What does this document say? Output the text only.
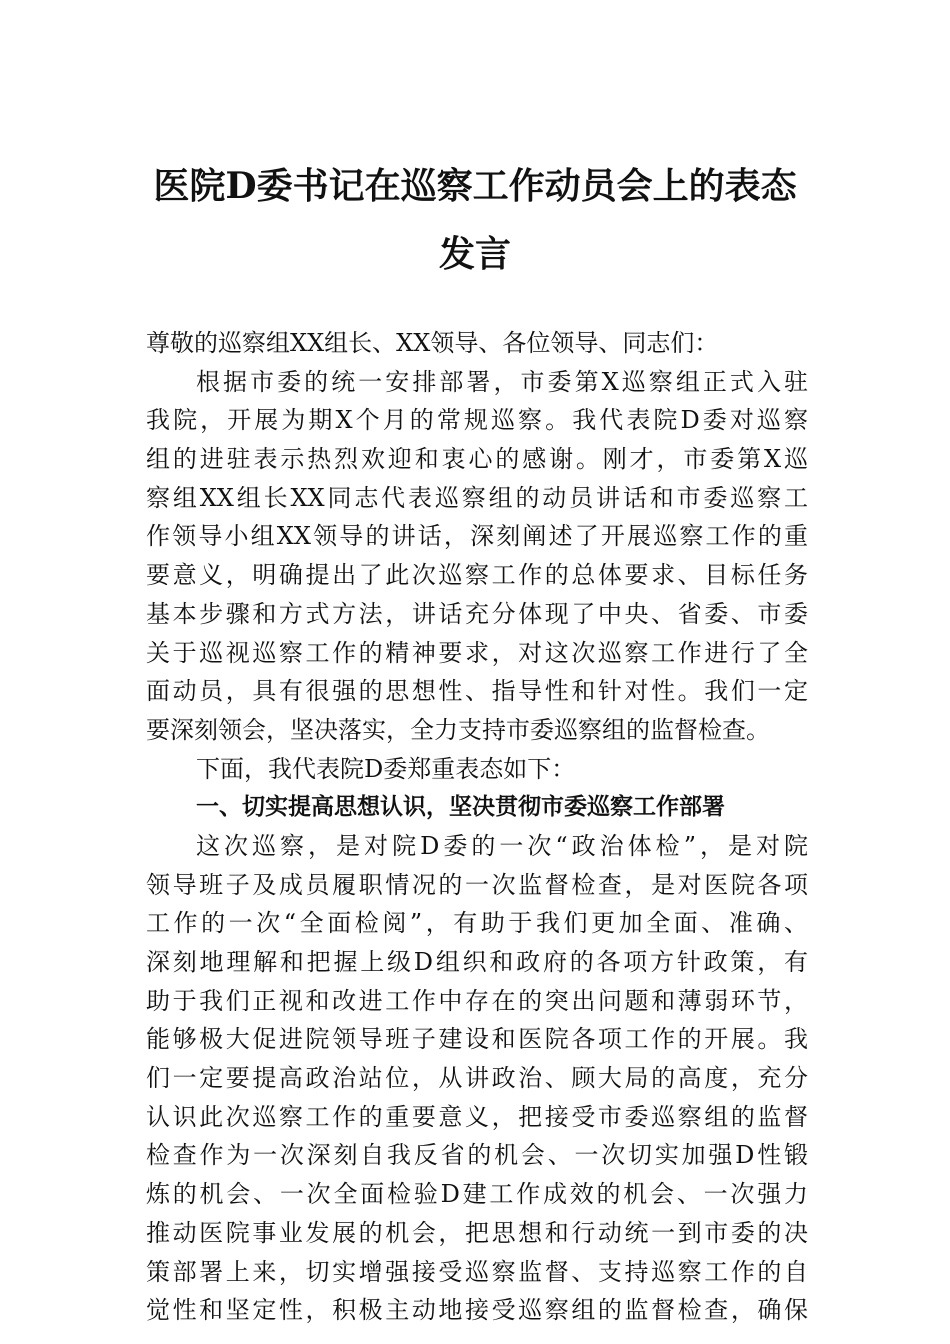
医院D委书记在巡察工作动员会上的表态
发言
尊敬的巡察组XX组长、XX领导、各位领导、同志们：
根据市委的统一安排部署，市委第X巡察组正式入驻
我院，开展为期X个月的常规巡察。我代表院D委对巡察
组的进驻表示热烈欢迎和衷心的感谢。刚才，市委第X巡
察组XX组长XX同志代表巡察组的动员讲话和市委巡察工
作领导小组XX领导的讲话，深刻阐述了开展巡察工作的重
要意义，明确提出了此次巡察工作的总体要求、目标任务
基本步骤和方式方法，讲话充分体现了中央、省委、市委
关于巡视巡察工作的精神要求，对这次巡察工作进行了全
面动员，具有很强的思想性、指导性和针对性。我们一定
要深刻领会，坚决落实，全力支持市委巡察组的监督检查。
下面，我代表院D委郑重表态如下：
一、切实提高思想认识，坚决贯彻市委巡察工作部署
这次巡察，是对院D委的一次“政治体检”，是对院
领导班子及成员履职情况的一次监督检查，是对医院各项
工作的一次“全面检阅”，有助于我们更加全面、准确、
深刻地理解和把握上级D组织和政府的各项方针政策，有
助于我们正视和改进工作中存在的突出问题和薄弱环节，
能够极大促进院领导班子建设和医院各项工作的开展。我
们一定要提高政治站位，从讲政治、顾大局的高度，充分
认识此次巡察工作的重要意义，把接受市委巡察组的监督
检查作为一次深刻自我反省的机会、一次切实加强D性锻
炼的机会、一次全面检验D建工作成效的机会、一次强力
推动医院事业发展的机会，把思想和行动统一到市委的决
策部署上来，切实增强接受巡察监督、支持巡察工作的自
觉性和坚定性，积极主动地接受巡察组的监督检查，确保
